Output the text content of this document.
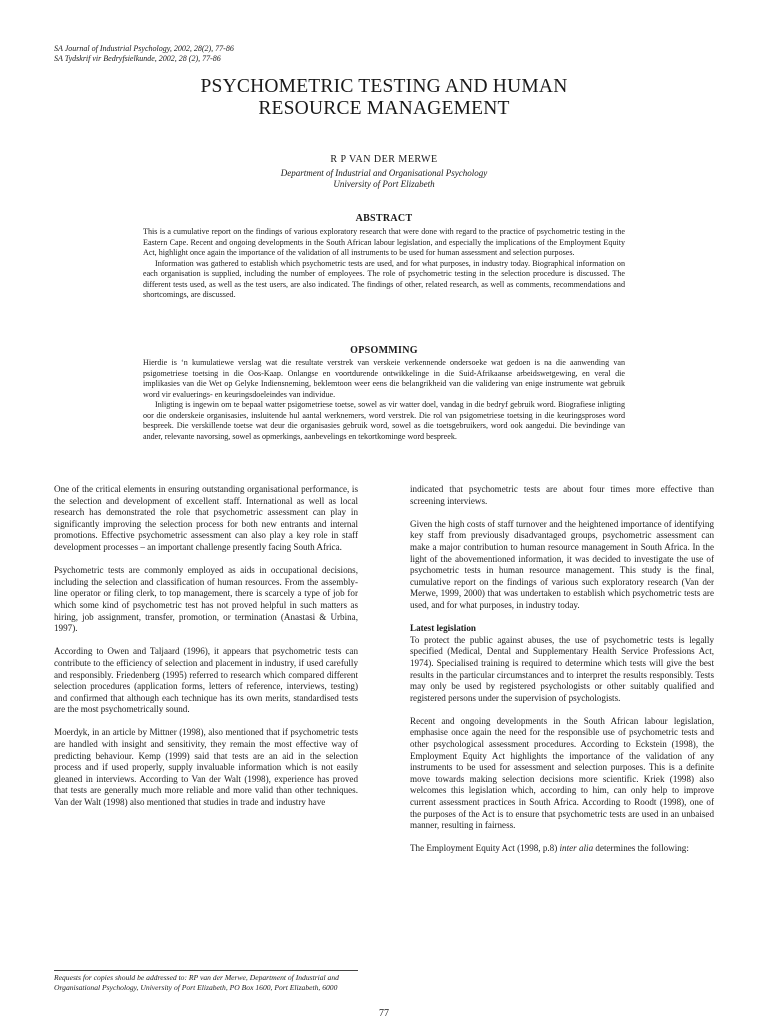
SA Journal of Industrial Psychology, 2002, 28(2), 77-86
SA Tydskrif vir Bedryfsielkunde, 2002, 28 (2), 77-86
PSYCHOMETRIC TESTING AND HUMAN
RESOURCE MANAGEMENT
R P VAN DER MERWE
Department of Industrial and Organisational Psychology
University of Port Elizabeth
ABSTRACT

This is a cumulative report on the findings of various exploratory research that were done with regard to the practice of psychometric testing in the Eastern Cape. Recent and ongoing developments in the South African labour legislation, and especially the implications of the Employment Equity Act, highlight once again the importance of the validation of all instruments to be used for human assessment and selection purposes.

Information was gathered to establish which psychometric tests are used, and for what purposes, in industry today. Biographical information on each organisation is supplied, including the number of employees. The role of psychometric testing in the selection procedure is discussed. The different tests used, as well as the test users, are also indicated. The findings of other, related research, as well as comments, recommendations and shortcomings, are discussed.

OPSOMMING

Hierdie is ‘n kumulatiewe verslag wat die resultate verstrek van verskeie verkennende ondersoeke wat gedoen is na die aanwending van psigometriese toetsing in die Oos-Kaap. Onlangse en voortdurende ontwikkelinge in die Suid-Afrikaanse arbeidswetgewing, en veral die implikasies van die Wet op Gelyke Indiensneming, beklemtoon weer eens die belangrikheid van die validering van enige instrumente wat gebruik word vir evaluerings- en keuringsdoeleindes van individue.

Inligting is ingewin om te bepaal watter psigometriese toetse, sowel as vir watter doel, vandag in die bedryf gebruik word. Biografiese inligting oor die onderskeie organisasies, insluitende hul aantal werknemers, word verstrek. Die rol van psigometriese toetsing in die keuringsproses word bespreek. Die verskillende toetse wat deur die organisasies gebruik word, sowel as die toetsgebruikers, word ook aangedui. Die bevindinge van ander, relevante navorsing, sowel as opmerkings, aanbevelings en tekortkominge word bespreek.

One of the critical elements in ensuring outstanding organisational performance, is the selection and development of excellent staff. International as well as local research has demonstrated the role that psychometric assessment can play in significantly improving the selection process for both new entrants and internal promotions. Effective psychometric assessment can also play a key role in staff development processes – an important challenge presently facing South Africa.

Psychometric tests are commonly employed as aids in occupational decisions, including the selection and classification of human resources. From the assembly-line operator or filing clerk, to top management, there is scarcely a type of job for which some kind of psychometric test has not proved helpful in such matters as hiring, job assignment, transfer, promotion, or termination (Anastasi & Urbina, 1997).

According to Owen and Taljaard (1996), it appears that psychometric tests can contribute to the efficiency of selection and placement in industry, if used carefully and responsibly. Friedenberg (1995) referred to research which compared different selection procedures (application forms, letters of reference, interviews, testing) and confirmed that although each technique has its own merits, standardised tests are the most psychometrically sound.

Moerdyk, in an article by Mittner (1998), also mentioned that if psychometric tests are handled with insight and sensitivity, they remain the most effective way of predicting behaviour. Kemp (1999) said that tests are an aid in the selection process and if used properly, supply invaluable information which is not easily gleaned in interviews. According to Van der Walt (1998), experience has proved that tests are generally much more reliable and more valid than other techniques. Van der Walt (1998) also mentioned that studies in trade and industry have

indicated that psychometric tests are about four times more effective than screening interviews.

Given the high costs of staff turnover and the heightened importance of identifying key staff from previously disadvantaged groups, psychometric assessment can make a major contribution to human resource management in South Africa. In the light of the abovementioned information, it was decided to investigate the use of psychometric tests in human resource management. This study is the final, cumulative report on the findings of various such exploratory research (Van der Merwe, 1999, 2000) that was undertaken to establish which psychometric tests are used, and for what purposes, in industry today.

Latest legislation

To protect the public against abuses, the use of psychometric tests is legally specified (Medical, Dental and Supplementary Health Service Professions Act, 1974). Specialised training is required to determine which tests will give the best results in the particular circumstances and to interpret the results responsibly. Tests may only be used by registered psychologists or other suitably qualified and registered persons under the supervision of psychologists.

Recent and ongoing developments in the South African labour legislation, emphasise once again the need for the responsible use of psychometric tests and other psychological assessment procedures. According to Eckstein (1998), the Employment Equity Act highlights the importance of the validation of any instruments to be used for assessment and selection purposes. This is a definite move towards making selection decisions more scientific. Kriek (1998) also welcomes this legislation which, according to him, can only help to improve current assessment practices in South Africa. According to Roodt (1998), one of the purposes of the Act is to ensure that psychometric tests are used in an unbaised manner, resulting in fairness.

The Employment Equity Act (1998, p.8) inter alia determines the following:

Requests for copies should be addressed to: RP van der Merwe, Department of Industrial and Organisational Psychology, University of Port Elizabeth, PO Box 1600, Port Elizabeth, 6000
77
